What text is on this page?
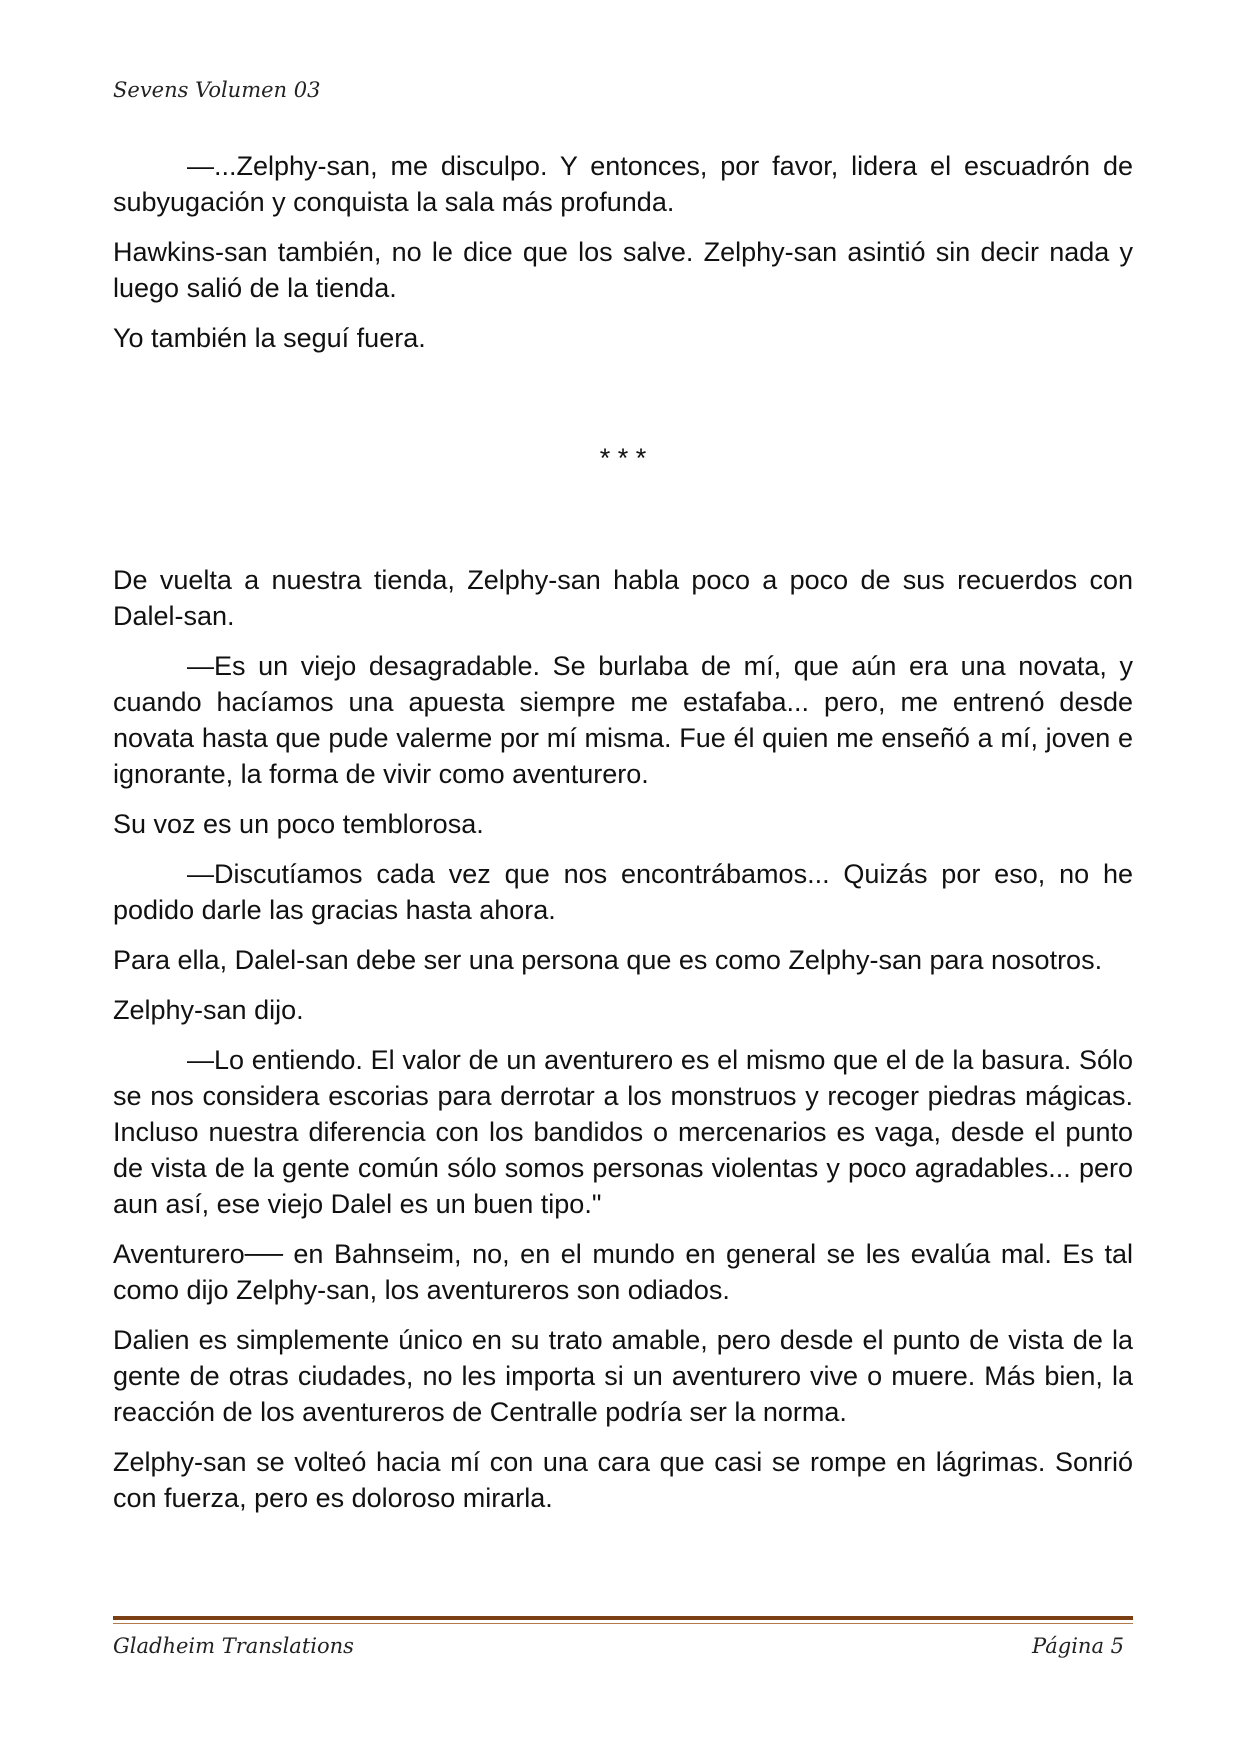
Sevens Volumen 03

—...Zelphy-san, me disculpo. Y entonces, por favor, lidera el escuadrón de subyugación y conquista la sala más profunda.

Hawkins-san también, no le dice que los salve. Zelphy-san asintió sin decir nada y luego salió de la tienda.

Yo también la seguí fuera.

* * *

De vuelta a nuestra tienda, Zelphy-san habla poco a poco de sus recuerdos con Dalel-san.

—Es un viejo desagradable. Se burlaba de mí, que aún era una novata, y cuando hacíamos una apuesta siempre me estafaba... pero, me entrenó desde novata hasta que pude valerme por mí misma. Fue él quien me enseñó a mí, joven e ignorante, la forma de vivir como aventurero.

Su voz es un poco temblorosa.

—Discutíamos cada vez que nos encontrábamos... Quizás por eso, no he podido darle las gracias hasta ahora.

Para ella, Dalel-san debe ser una persona que es como Zelphy-san para nosotros.

Zelphy-san dijo.

—Lo entiendo. El valor de un aventurero es el mismo que el de la basura. Sólo se nos considera escorias para derrotar a los monstruos y recoger piedras mágicas. Incluso nuestra diferencia con los bandidos o mercenarios es vaga, desde el punto de vista de la gente común sólo somos personas violentas y poco agradables... pero aun así, ese viejo Dalel es un buen tipo."

Aventurero── en Bahnseim, no, en el mundo en general se les evalúa mal. Es tal como dijo Zelphy-san, los aventureros son odiados.

Dalien es simplemente único en su trato amable, pero desde el punto de vista de la gente de otras ciudades, no les importa si un aventurero vive o muere. Más bien, la reacción de los aventureros de Centralle podría ser la norma.

Zelphy-san se volteó hacia mí con una cara que casi se rompe en lágrimas. Sonrió con fuerza, pero es doloroso mirarla.

Gladheim Translations	Página 5
